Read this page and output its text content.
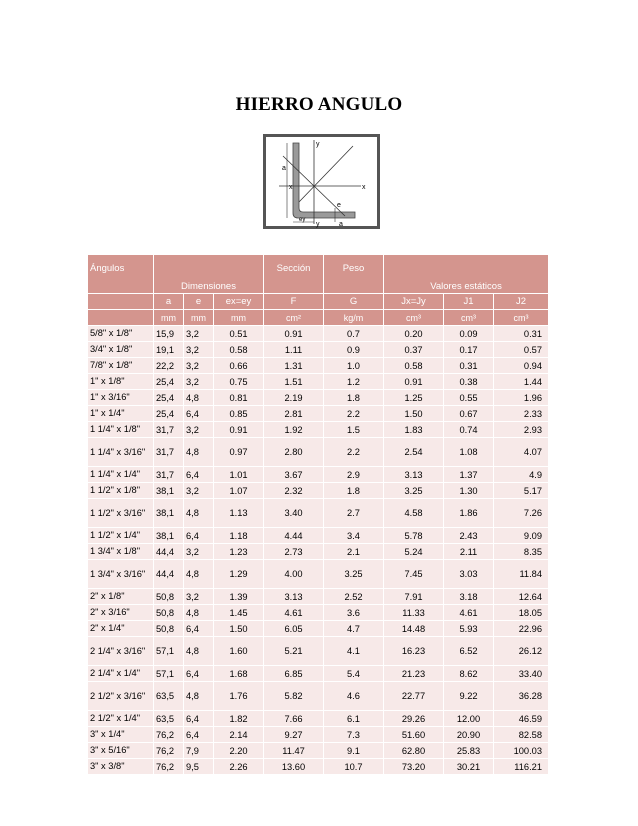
HIERRO ANGULO
y
x
a
x
e
ey
y	a
Ángulos	Dimensiones			Sección	Peso	Valores estáticos		
	a	e	ex=ey	F	G	Jx=Jy	J1	J2
	mm	mm	mm	cm²	kg/m	cm³	cm³	cm³
5/8" x 1/8"	15,9	3,2	0.51	0.91	0.7	0.20	0.09	0.31
3/4" x 1/8"	19,1	3,2	0.58	1.11	0.9	0.37	0.17	0.57
7/8" x 1/8"	22,2	3,2	0.66	1.31	1.0	0.58	0.31	0.94
1" x 1/8"	25,4	3,2	0.75	1.51	1.2	0.91	0.38	1.44
1" x 3/16"	25,4	4,8	0.81	2.19	1.8	1.25	0.55	1.96
1" x 1/4"	25,4	6,4	0.85	2.81	2.2	1.50	0.67	2.33
1 1/4" x 1/8"	31,7	3,2	0.91	1.92	1.5	1.83	0.74	2.93
1 1/4" x 3/16"	31,7	4,8	0.97	2.80	2.2	2.54	1.08	4.07
1 1/4" x 1/4"	31,7	6,4	1.01	3.67	2.9	3.13	1.37	4.9
1 1/2" x 1/8"	38,1	3,2	1.07	2.32	1.8	3.25	1.30	5.17
1 1/2" x 3/16"	38,1	4,8	1.13	3.40	2.7	4.58	1.86	7.26
1 1/2" x 1/4"	38,1	6,4	1.18	4.44	3.4	5.78	2.43	9.09
1 3/4" x 1/8"	44,4	3,2	1.23	2.73	2.1	5.24	2.11	8.35
1 3/4" x 3/16"	44,4	4,8	1.29	4.00	3.25	7.45	3.03	11.84
2" x 1/8"	50,8	3,2	1.39	3.13	2.52	7.91	3.18	12.64
2" x 3/16"	50,8	4,8	1.45	4.61	3.6	11.33	4.61	18.05
2" x 1/4"	50,8	6,4	1.50	6.05	4.7	14.48	5.93	22.96
2 1/4" x 3/16"	57,1	4,8	1.60	5.21	4.1	16.23	6.52	26.12
2 1/4" x 1/4"	57,1	6,4	1.68	6.85	5.4	21.23	8.62	33.40
2 1/2" x 3/16"	63,5	4,8	1.76	5.82	4.6	22.77	9.22	36.28
2 1/2" x 1/4"	63,5	6,4	1.82	7.66	6.1	29.26	12.00	46.59
3" x 1/4"	76,2	6,4	2.14	9.27	7.3	51.60	20.90	82.58
3" x 5/16"	76,2	7,9	2.20	11.47	9.1	62.80	25.83	100.03
3" x 3/8"	76,2	9,5	2.26	13.60	10.7	73.20	30.21	116.21
